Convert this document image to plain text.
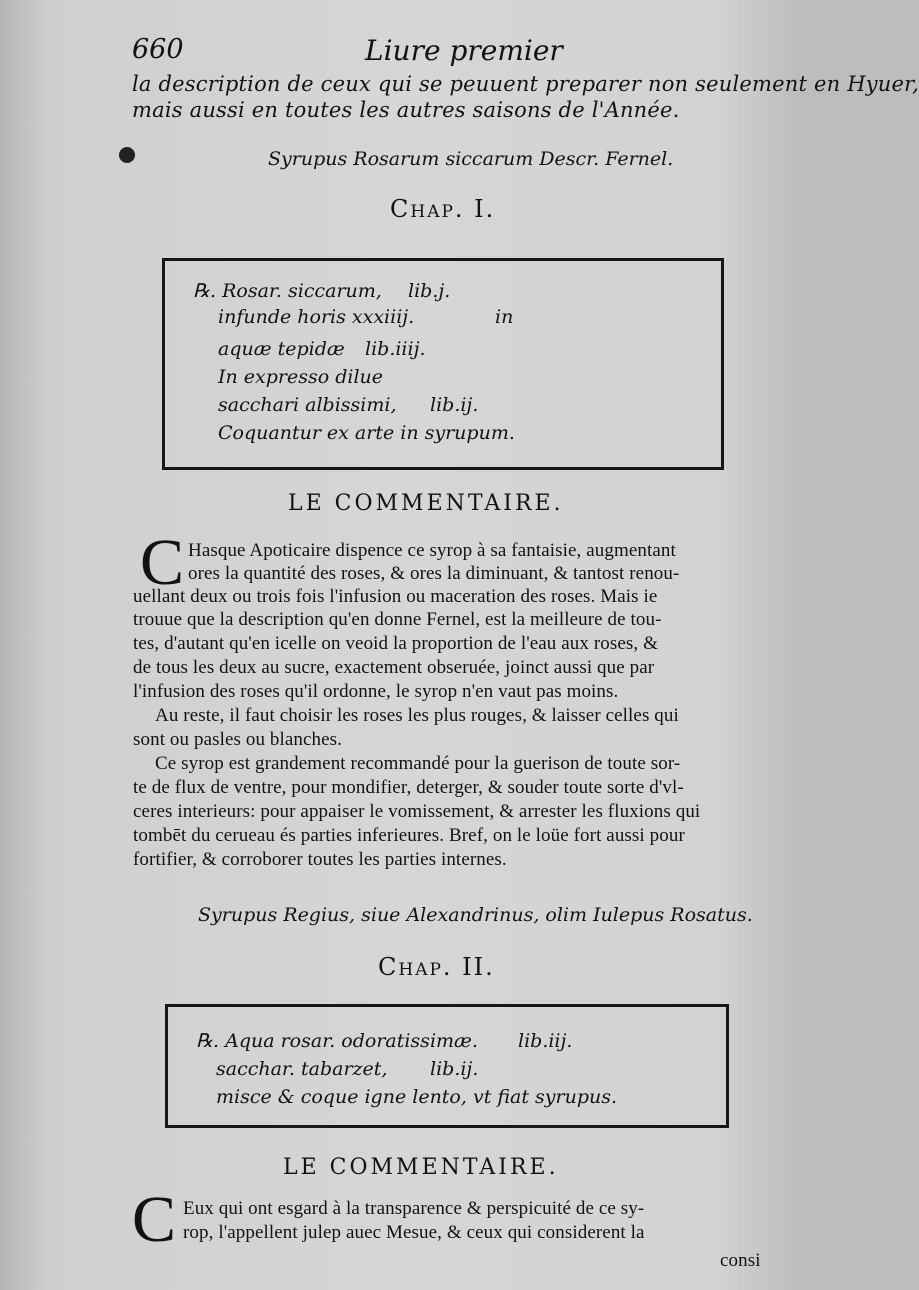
660	Liure premier
la description de ceux qui se peuuent preparer non seulement en Hyuer,
mais aussi en toutes les autres saisons de l'Année.
Syrupus Rosarum siccarum Descr. Fernel.
Chap. I.
℞. Rosar. siccarum, lib.j.
infunde horis xxxiiij.	in
aquæ tepidæ lib.iiij.
In expresso dilue
sacchari albissimi, lib.ij.
Coquantur ex arte in syrupum.
LE COMMENTAIRE.
C Hasque Apoticaire dispence ce syrop à sa fantaisie, augmentant
ores la quantité des roses, & ores la diminuant, & tantost renou-
uellant deux ou trois fois l'infusion ou maceration des roses. Mais ie
trouue que la description qu'en donne Fernel, est la meilleure de tou-
tes, d'autant qu'en icelle on veoid la proportion de l'eau aux roses, &
de tous les deux au sucre, exactement obseruée, joinct aussi que par
l'infusion des roses qu'il ordonne, le syrop n'en vaut pas moins.
Au reste, il faut choisir les roses les plus rouges, & laisser celles qui
sont ou pasles ou blanches.
Ce syrop est grandement recommandé pour la guerison de toute sor-
te de flux de ventre, pour mondifier, deterger, & souder toute sorte d'vl-
ceres interieurs: pour appaiser le vomissement, & arrester les fluxions qui
tombēt du cerueau és parties inferieures. Bref, on le loüe fort aussi pour
fortifier, & corroborer toutes les parties internes.
Syrupus Regius, siue Alexandrinus, olim Iulepus Rosatus.
Chap. II.
℞. Aqua rosar. odoratissimæ. lib.iij.
sacchar. tabarzet, lib.ij.
misce & coque igne lento, vt fiat syrupus.
LE COMMENTAIRE.
C Eux qui ont esgard à la transparence & perspicuité de ce sy-
rop, l'appellent julep auec Mesue, & ceux qui considerent la
consi
